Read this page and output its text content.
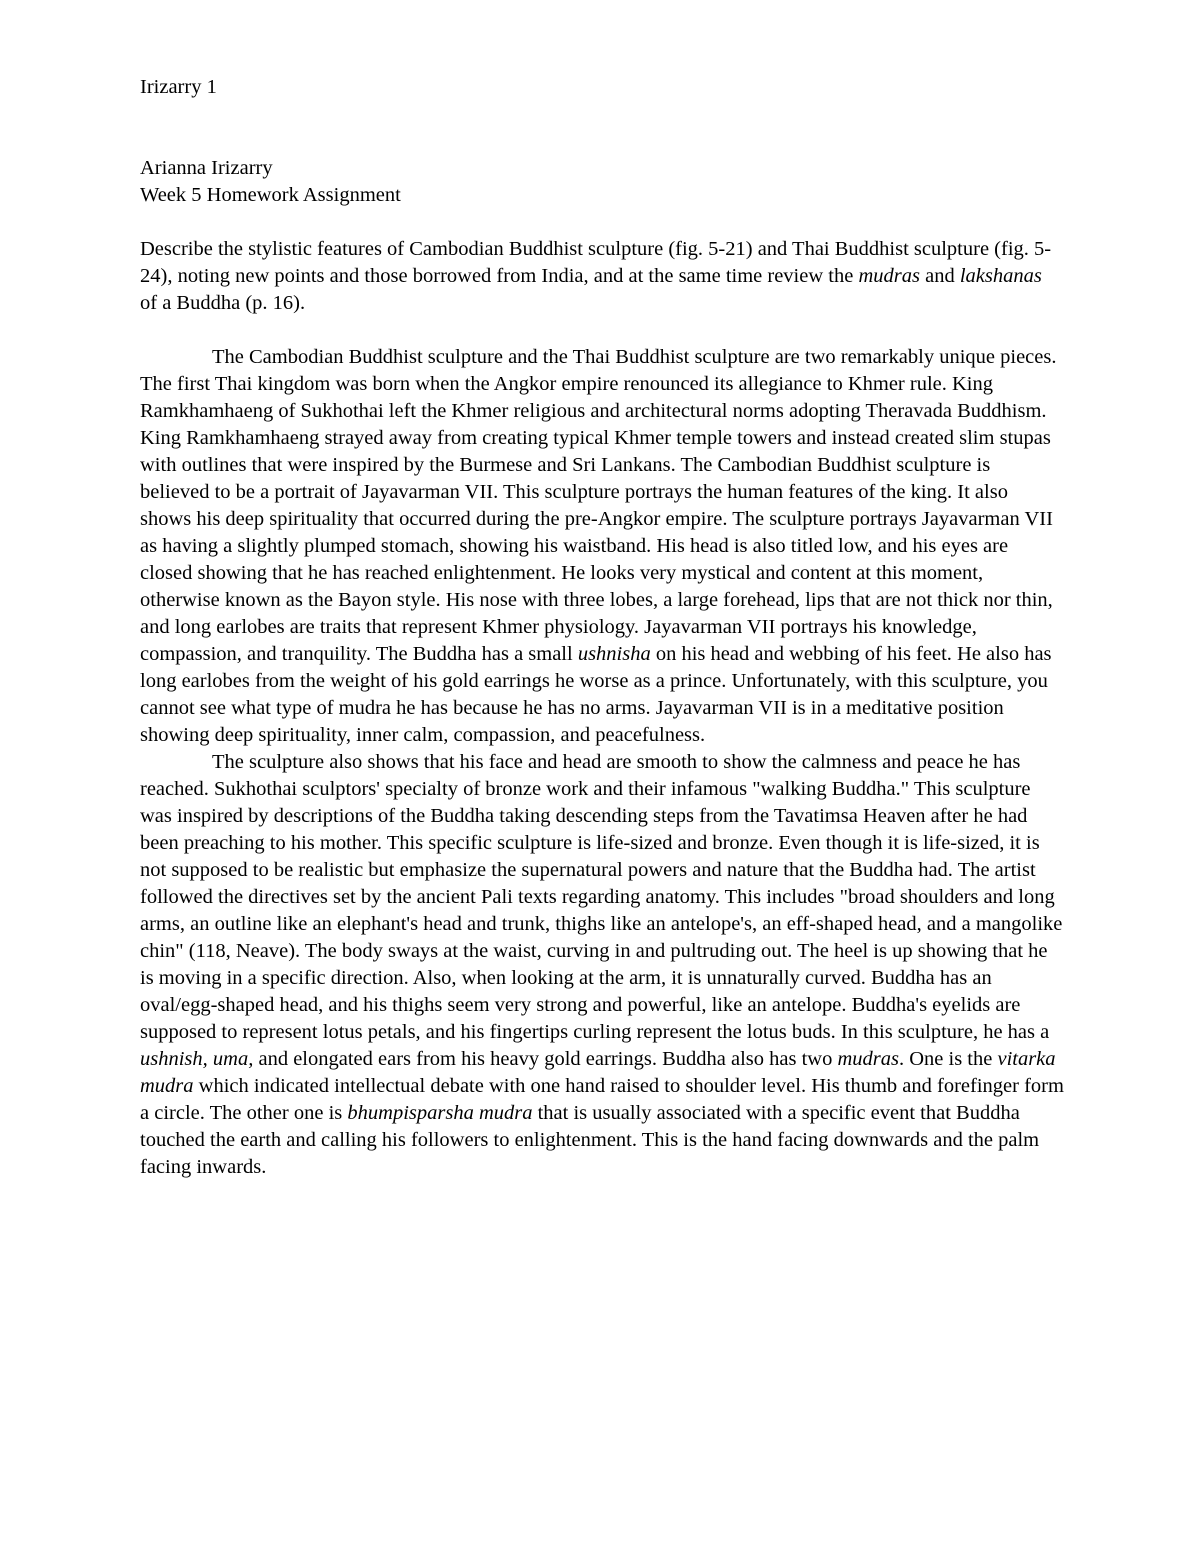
Irizarry 1

Arianna Irizarry
Week 5 Homework Assignment

Describe the stylistic features of Cambodian Buddhist sculpture (fig. 5-21) and Thai Buddhist sculpture (fig. 5-24), noting new points and those borrowed from India, and at the same time review the mudras and lakshanas of a Buddha (p. 16).

The Cambodian Buddhist sculpture and the Thai Buddhist sculpture are two remarkably unique pieces. The first Thai kingdom was born when the Angkor empire renounced its allegiance to Khmer rule. King Ramkhamhaeng of Sukhothai left the Khmer religious and architectural norms adopting Theravada Buddhism. King Ramkhamhaeng strayed away from creating typical Khmer temple towers and instead created slim stupas with outlines that were inspired by the Burmese and Sri Lankans. The Cambodian Buddhist sculpture is believed to be a portrait of Jayavarman VII. This sculpture portrays the human features of the king. It also shows his deep spirituality that occurred during the pre-Angkor empire. The sculpture portrays Jayavarman VII as having a slightly plumped stomach, showing his waistband. His head is also titled low, and his eyes are closed showing that he has reached enlightenment. He looks very mystical and content at this moment, otherwise known as the Bayon style. His nose with three lobes, a large forehead, lips that are not thick nor thin, and long earlobes are traits that represent Khmer physiology. Jayavarman VII portrays his knowledge, compassion, and tranquility. The Buddha has a small ushnisha on his head and webbing of his feet. He also has long earlobes from the weight of his gold earrings he worse as a prince. Unfortunately, with this sculpture, you cannot see what type of mudra he has because he has no arms. Jayavarman VII is in a meditative position showing deep spirituality, inner calm, compassion, and peacefulness.

The sculpture also shows that his face and head are smooth to show the calmness and peace he has reached. Sukhothai sculptors' specialty of bronze work and their infamous "walking Buddha." This sculpture was inspired by descriptions of the Buddha taking descending steps from the Tavatimsa Heaven after he had been preaching to his mother. This specific sculpture is life-sized and bronze. Even though it is life-sized, it is not supposed to be realistic but emphasize the supernatural powers and nature that the Buddha had. The artist followed the directives set by the ancient Pali texts regarding anatomy. This includes "broad shoulders and long arms, an outline like an elephant's head and trunk, thighs like an antelope's, an eff-shaped head, and a mangolike chin" (118, Neave). The body sways at the waist, curving in and pultruding out. The heel is up showing that he is moving in a specific direction. Also, when looking at the arm, it is unnaturally curved. Buddha has an oval/egg-shaped head, and his thighs seem very strong and powerful, like an antelope. Buddha's eyelids are supposed to represent lotus petals, and his fingertips curling represent the lotus buds. In this sculpture, he has a ushnish, uma, and elongated ears from his heavy gold earrings. Buddha also has two mudras. One is the vitarka mudra which indicated intellectual debate with one hand raised to shoulder level. His thumb and forefinger form a circle. The other one is bhumpisparsha mudra that is usually associated with a specific event that Buddha touched the earth and calling his followers to enlightenment. This is the hand facing downwards and the palm facing inwards.
